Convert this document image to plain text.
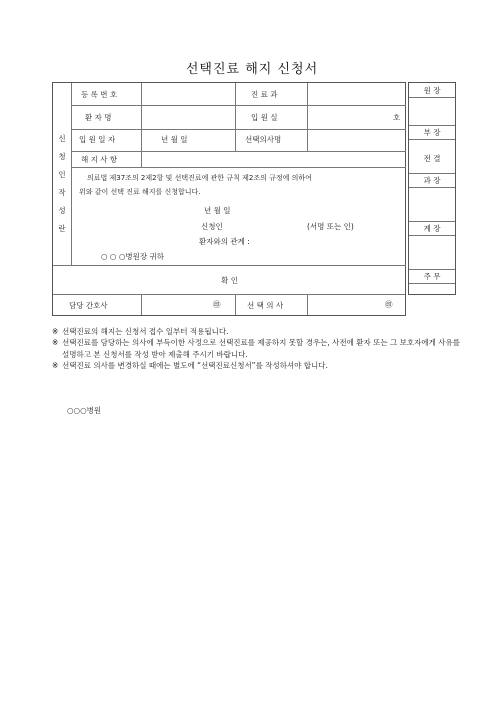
선택진료 해지 신청서
신
청
인
작
성
란
등 록 번 호	진 료 과
환 자 명	입 원 실	호
입 원 일 자	년 월 일	선택의사명
해 지 사 항
의료법 제37조의 2제2항 및 선택진료에 관한 규칙 제2조의 규정에 의하여
위와 같이 선택 진료 해지를 신청합니다.
년 월 일
신청인	(서명 또는 인)
환자와의 관계 :
○ ○ ○병원장 귀하
확 인
담당 간호사	㊞	선 택 의 사	㊞
원 장
부 장
전 결
과 장
계 장
주 무
※ 선택진료의 해지는 신청서 접수 일부터 적용됩니다.
※ 선택진료를 담당하는 의사에 부득이한 사정으로 선택진료를 제공하지 못할 경우는, 사전에 환자 또는 그 보호자에게 사유를 설명하고 본 신청서를 작성 받아 제출해 주시기 바랍니다.
※ 선택진료 의사를 변경하실 때에는 별도에 “선택진료신청서”를 작성하셔야 합니다.
○○○병원
